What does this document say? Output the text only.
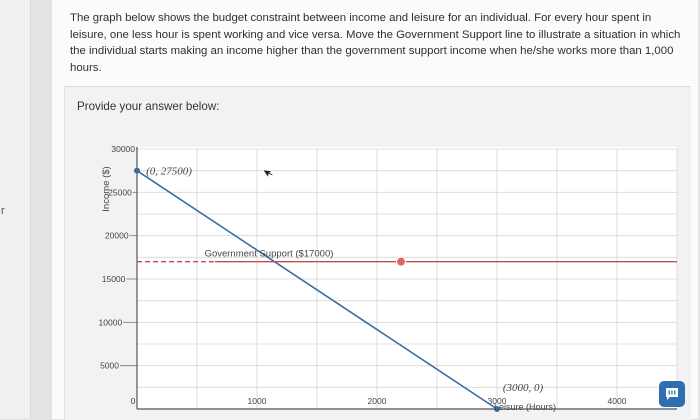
r
The graph below shows the budget constraint between income and leisure for an individual. For every hour spent in leisure, one less hour is spent working and vice versa. Move the Government Support line to illustrate a situation in which the individual starts making an income higher than the government support income when he/she works more than 1,000 hours.
Provide your answer below:
5000
10000
15000
20000
25000
30000
0	1000	2000	3000	4000
Income ($)
Leisure (Hours)
Government Support ($17000)
(0, 27500)
(3000, 0)
